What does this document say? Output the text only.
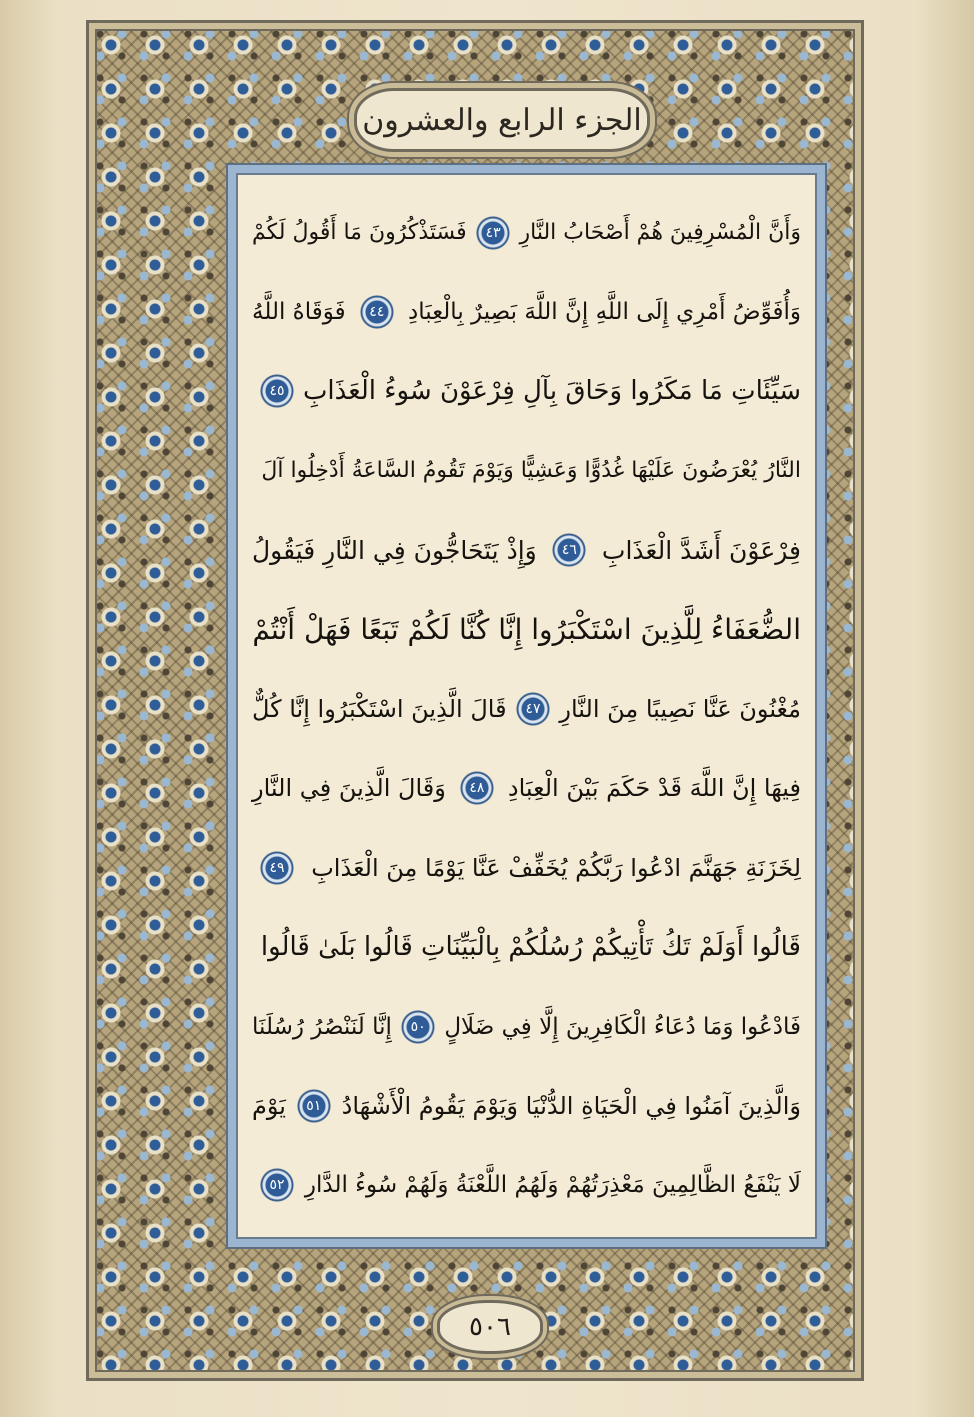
الجزء الرابع والعشرون
وَأَنَّ الْمُسْرِفِينَ هُمْ أَصْحَابُ النَّارِ
٤٣
فَسَتَذْكُرُونَ مَا أَقُولُ لَكُمْ
وَأُفَوِّضُ أَمْرِي إِلَى اللَّهِ إِنَّ اللَّهَ بَصِيرٌ بِالْعِبَادِ
٤٤
فَوَقَاهُ اللَّهُ
سَيِّئَاتِ مَا مَكَرُوا وَحَاقَ بِآلِ فِرْعَوْنَ سُوءُ الْعَذَابِ
٤٥
النَّارُ يُعْرَضُونَ عَلَيْهَا غُدُوًّا وَعَشِيًّا وَيَوْمَ تَقُومُ السَّاعَةُ أَدْخِلُوا آلَ
فِرْعَوْنَ أَشَدَّ الْعَذَابِ
٤٦
وَإِذْ يَتَحَاجُّونَ فِي النَّارِ فَيَقُولُ
الضُّعَفَاءُ لِلَّذِينَ اسْتَكْبَرُوا إِنَّا كُنَّا لَكُمْ تَبَعًا فَهَلْ أَنْتُمْ
مُغْنُونَ عَنَّا نَصِيبًا مِنَ النَّارِ
٤٧
قَالَ الَّذِينَ اسْتَكْبَرُوا إِنَّا كُلٌّ
فِيهَا إِنَّ اللَّهَ قَدْ حَكَمَ بَيْنَ الْعِبَادِ
٤٨
وَقَالَ الَّذِينَ فِي النَّارِ
لِخَزَنَةِ جَهَنَّمَ ادْعُوا رَبَّكُمْ يُخَفِّفْ عَنَّا يَوْمًا مِنَ الْعَذَابِ
٤٩
قَالُوا أَوَلَمْ تَكُ تَأْتِيكُمْ رُسُلُكُمْ بِالْبَيِّنَاتِ قَالُوا بَلَىٰ قَالُوا
فَادْعُوا وَمَا دُعَاءُ الْكَافِرِينَ إِلَّا فِي ضَلَالٍ
٥٠
إِنَّا لَنَنْصُرُ رُسُلَنَا
وَالَّذِينَ آمَنُوا فِي الْحَيَاةِ الدُّنْيَا وَيَوْمَ يَقُومُ الْأَشْهَادُ
٥١
يَوْمَ
لَا يَنْفَعُ الظَّالِمِينَ مَعْذِرَتُهُمْ وَلَهُمُ اللَّعْنَةُ وَلَهُمْ سُوءُ الدَّارِ
٥٢
٥٠٦
